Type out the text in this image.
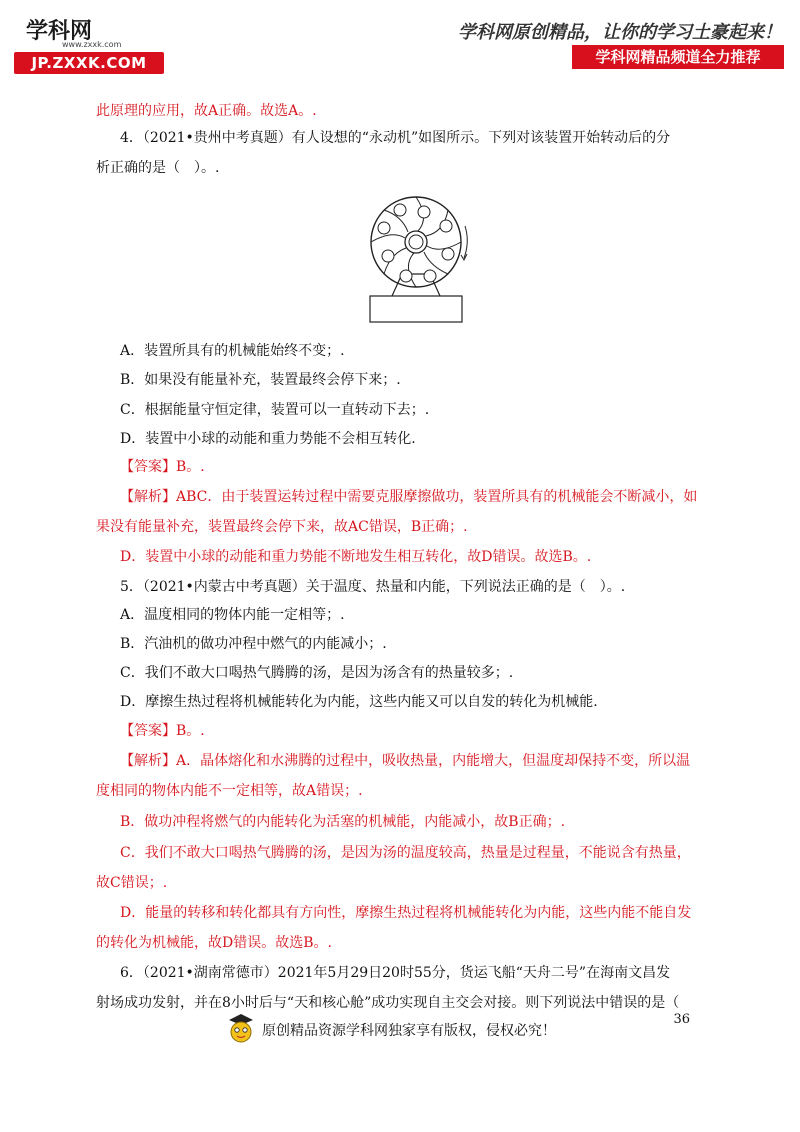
学科网
www.zxxk.com
JP.ZXXK.COM
学科网原创精品，让你的学习土豪起来！
学科网精品频道全力推荐
此原理的应用，故A正确。故选A。.
4．（2021•贵州中考真题）有人设想的“永动机”如图所示。下列对该装置开始转动后的分
析正确的是（　）。.
A．装置所具有的机械能始终不变；.
B．如果没有能量补充，装置最终会停下来；.
C．根据能量守恒定律，装置可以一直转动下去；.
D．装置中小球的动能和重力势能不会相互转化.
【答案】B。.
【解析】ABC．由于装置运转过程中需要克服摩擦做功，装置所具有的机械能会不断减小，如
果没有能量补充，装置最终会停下来，故AC错误，B正确；.
D．装置中小球的动能和重力势能不断地发生相互转化，故D错误。故选B。.
5．（2021•内蒙古中考真题）关于温度、热量和内能，下列说法正确的是（　）。.
A．温度相同的物体内能一定相等；.
B．汽油机的做功冲程中燃气的内能减小；.
C．我们不敢大口喝热气腾腾的汤，是因为汤含有的热量较多；.
D．摩擦生热过程将机械能转化为内能，这些内能又可以自发的转化为机械能.
【答案】B。.
【解析】A．晶体熔化和水沸腾的过程中，吸收热量，内能增大，但温度却保持不变，所以温
度相同的物体内能不一定相等，故A错误；.
B．做功冲程将燃气的内能转化为活塞的机械能，内能减小，故B正确；.
C．我们不敢大口喝热气腾腾的汤，是因为汤的温度较高，热量是过程量，不能说含有热量，
故C错误；.
D．能量的转移和转化都具有方向性，摩擦生热过程将机械能转化为内能，这些内能不能自发
的转化为机械能，故D错误。故选B。.
6．（2021•湖南常德市）2021年5月29日20时55分，货运飞船“天舟二号”在海南文昌发
射场成功发射，并在8小时后与“天和核心舱”成功实现自主交会对接。则下列说法中错误的是（
36
原创精品资源学科网独家享有版权，侵权必究！
